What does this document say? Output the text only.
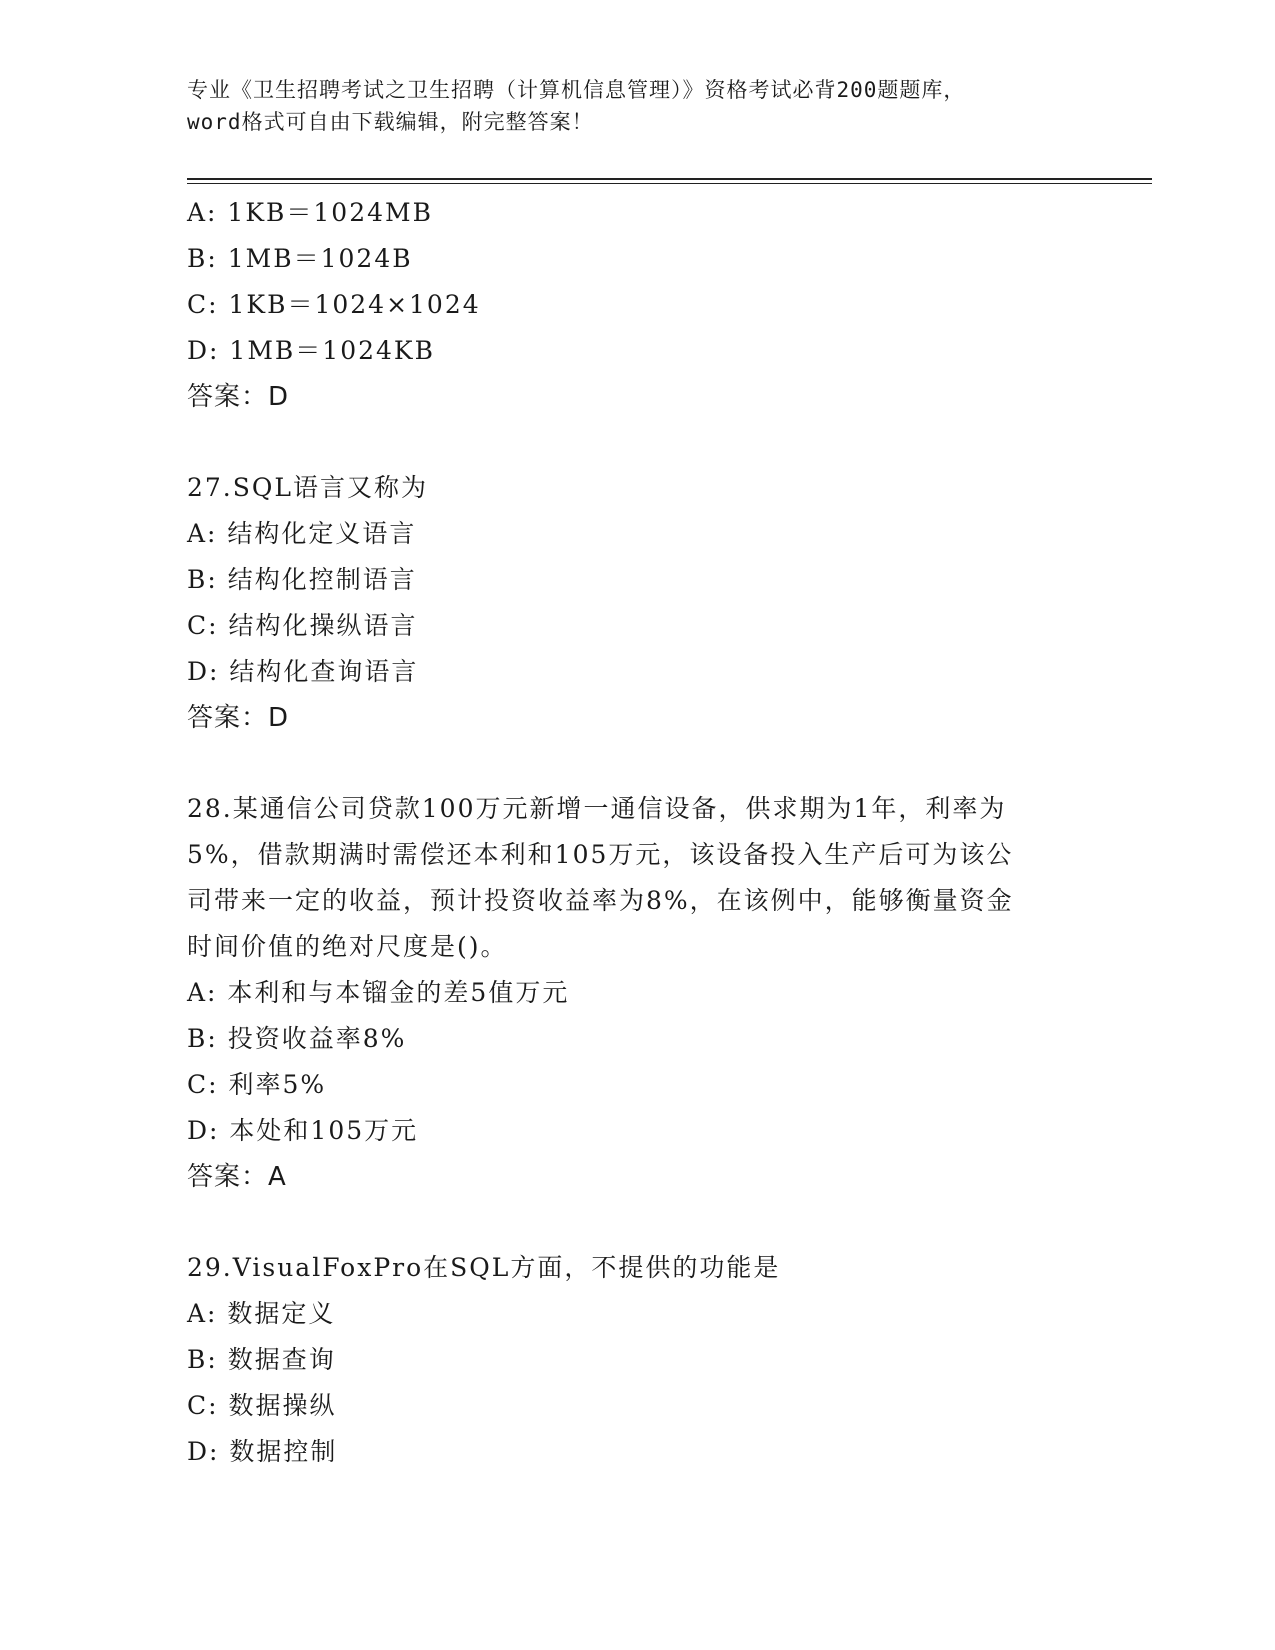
专业《卫生招聘考试之卫生招聘（计算机信息管理）》资格考试必背200题题库，
word格式可自由下载编辑，附完整答案！
A: 1KB＝1024MB
B: 1MB＝1024B
C: 1KB＝1024×1024
D: 1MB＝1024KB
答案：D
27.SQL语言又称为
A: 结构化定义语言
B: 结构化控制语言
C: 结构化操纵语言
D: 结构化查询语言
答案：D
28.某通信公司贷款100万元新增一通信设备，供求期为1年，利率为
5%，借款期满时需偿还本利和105万元，该设备投入生产后可为该公
司带来一定的收益，预计投资收益率为8%，在该例中，能够衡量资金
时间价值的绝对尺度是()。
A: 本利和与本镏金的差5值万元
B: 投资收益率8%
C: 利率5%
D: 本处和105万元
答案：A
29.VisualFoxPro在SQL方面，不提供的功能是
A: 数据定义
B: 数据查询
C: 数据操纵
D: 数据控制
